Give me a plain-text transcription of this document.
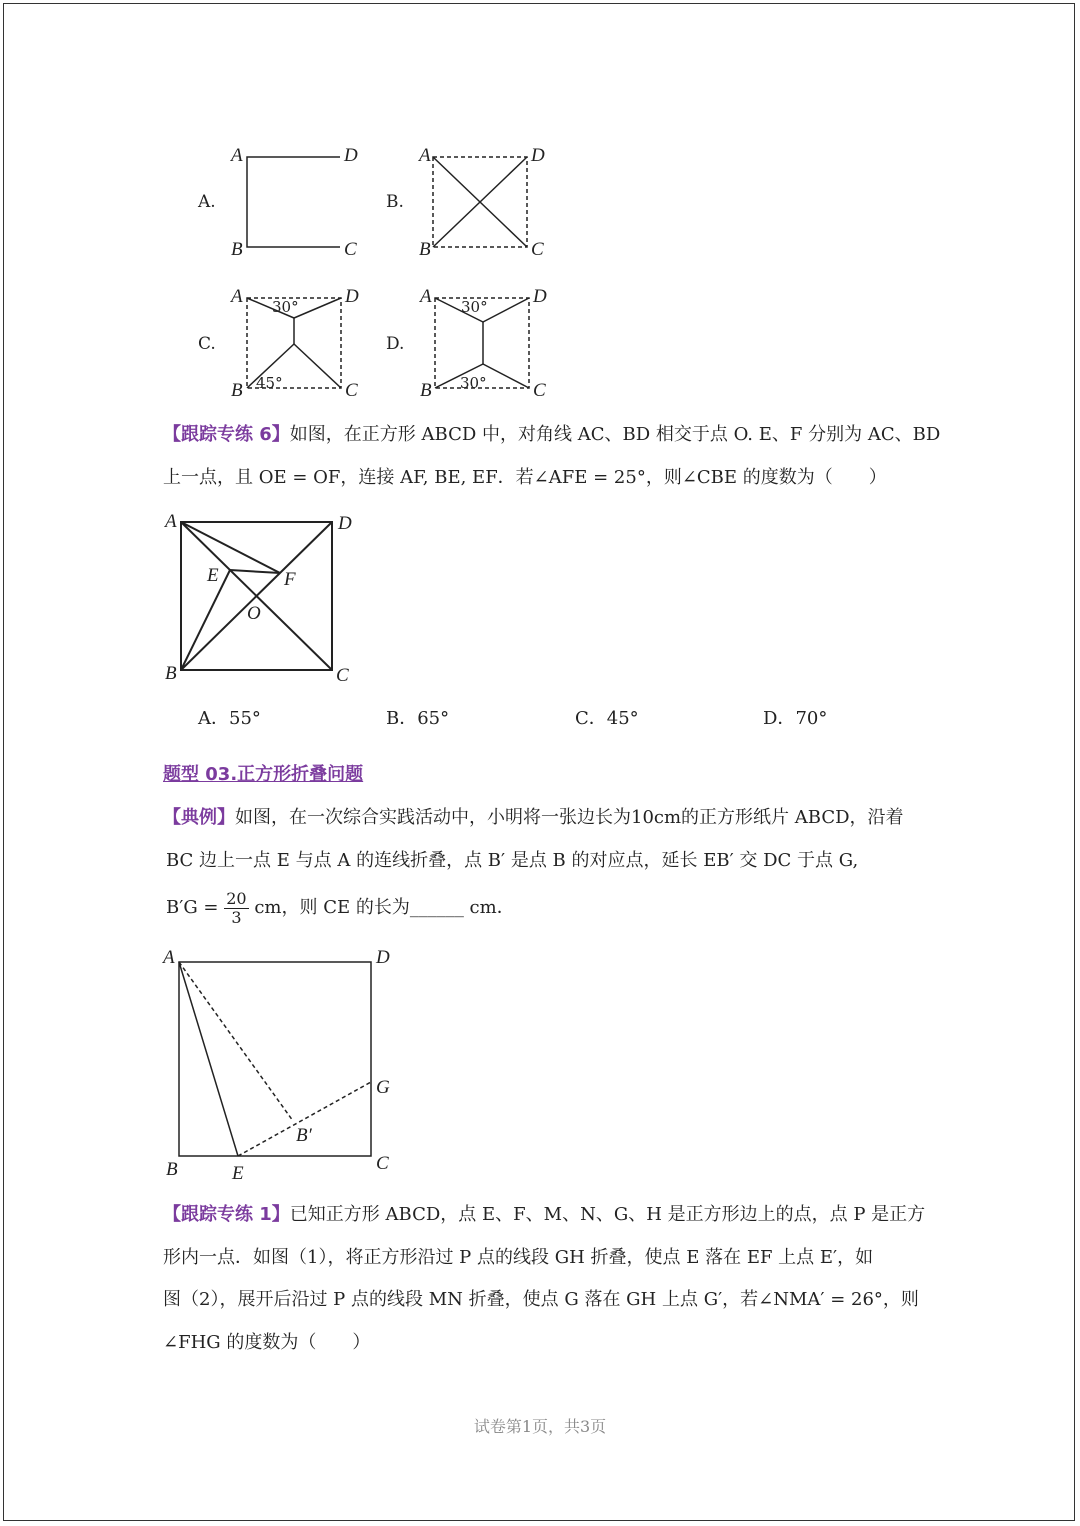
A.
A	D
B	C
B.
A	D
B	C
C.
A	D
B	C
30°
45°
D.
A	D
B	C
30°
30°
【跟踪专练 6】如图，在正方形 ABCD 中，对角线 AC、BD 相交于点 O. E、F 分别为 AC、BD
上一点，且 OE = OF，连接 AF, BE, EF．若∠AFE = 25°，则∠CBE 的度数为（　　）
A	D
E	F
O
B	C
A．55°	B．65°	C．45°	D．70°
题型 03.正方形折叠问题
【典例】如图，在一次综合实践活动中，小明将一张边长为10cm的正方形纸片 ABCD，沿着
BC 边上一点 E 与点 A 的连线折叠，点 B′ 是点 B 的对应点，延长 EB′ 交 DC 于点 G,
$B'G = \frac{20}{3}$ cm，则 CE 的长为______ cm．
A	D
G
B′
B	E	C
【跟踪专练 1】已知正方形 ABCD，点 E、F、M、N、G、H 是正方形边上的点，点 P 是正方
形内一点．如图（1），将正方形沿过 P 点的线段 GH 折叠，使点 E 落在 EF 上点 E′，如
图（2），展开后沿过 P 点的线段 MN 折叠，使点 G 落在 GH 上点 G′，若∠NMA′ = 26°，则
∠FHG 的度数为（　　）
试卷第1页，共3页
